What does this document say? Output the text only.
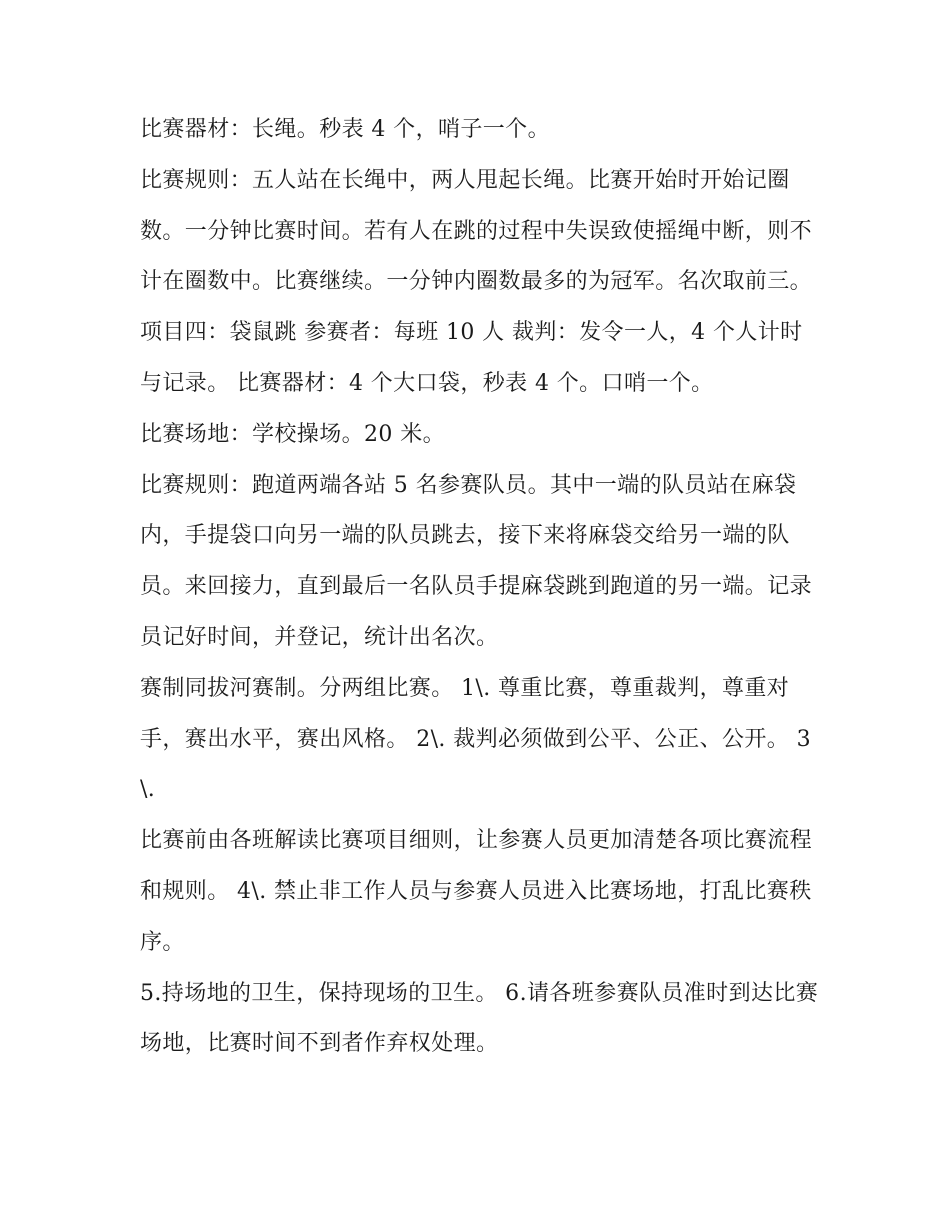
比赛器材：长绳。秒表 4 个，哨子一个。

比赛规则：五人站在长绳中，两人甩起长绳。比赛开始时开始记圈数。一分钟比赛时间。若有人在跳的过程中失误致使摇绳中断，则不计在圈数中。比赛继续。一分钟内圈数最多的为冠军。名次取前三。

项目四：袋鼠跳 参赛者：每班 10 人 裁判：发令一人，4 个人计时与记录。 比赛器材：4 个大口袋，秒表 4 个。口哨一个。

比赛场地：学校操场。20 米。

比赛规则：跑道两端各站 5 名参赛队员。其中一端的队员站在麻袋内，手提袋口向另一端的队员跳去，接下来将麻袋交给另一端的队员。来回接力，直到最后一名队员手提麻袋跳到跑道的另一端。记录员记好时间，并登记，统计出名次。

赛制同拔河赛制。分两组比赛。 1\. 尊重比赛，尊重裁判，尊重对手，赛出水平，赛出风格。 2\. 裁判必须做到公平、公正、公开。 3\.

比赛前由各班解读比赛项目细则，让参赛人员更加清楚各项比赛流程和规则。 4\. 禁止非工作人员与参赛人员进入比赛场地，打乱比赛秩序。

5.持场地的卫生，保持现场的卫生。 6.请各班参赛队员准时到达比赛场地，比赛时间不到者作弃权处理。
